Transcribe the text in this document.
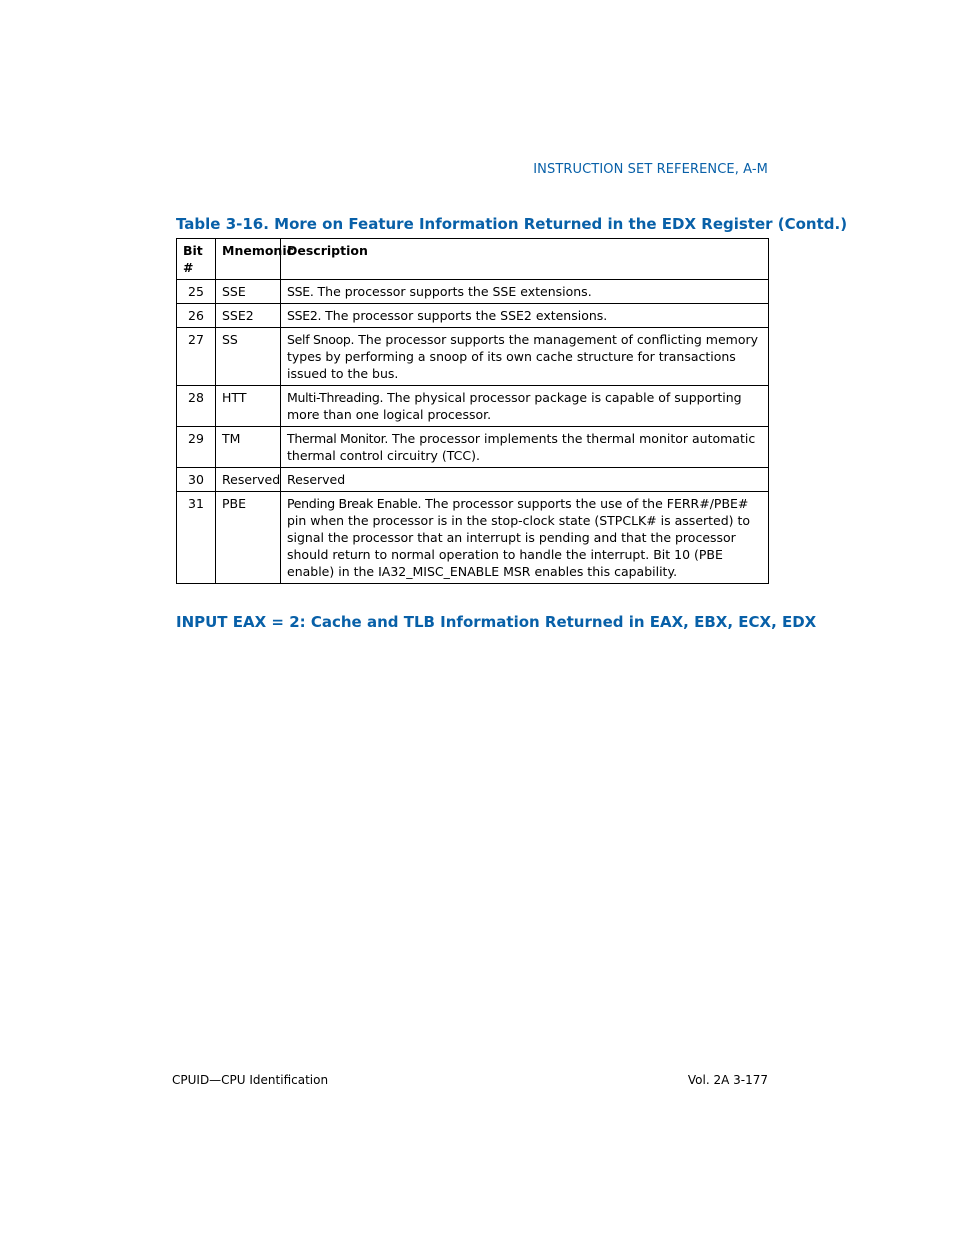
INSTRUCTION SET REFERENCE, A-M
Table 3-16. More on Feature Information Returned in the EDX Register (Contd.)
Bit #	Mnemonic	Description
25	SSE	SSE. The processor supports the SSE extensions.
26	SSE2	SSE2. The processor supports the SSE2 extensions.
27	SS	Self Snoop. The processor supports the management of conflicting memory types by performing a snoop of its own cache structure for transactions issued to the bus.
28	HTT	Multi-Threading. The physical processor package is capable of supporting more than one logical processor.
29	TM	Thermal Monitor. The processor implements the thermal monitor automatic thermal control circuitry (TCC).
30	Reserved	Reserved
31	PBE	Pending Break Enable. The processor supports the use of the FERR#/PBE# pin when the processor is in the stop-clock state (STPCLK# is asserted) to signal the processor that an interrupt is pending and that the processor should return to normal operation to handle the interrupt. Bit 10 (PBE enable) in the IA32_MISC_ENABLE MSR enables this capability.
INPUT EAX = 2: Cache and TLB Information Returned in EAX, EBX, ECX, EDX
CPUID—CPU Identification	Vol. 2A 3-177
